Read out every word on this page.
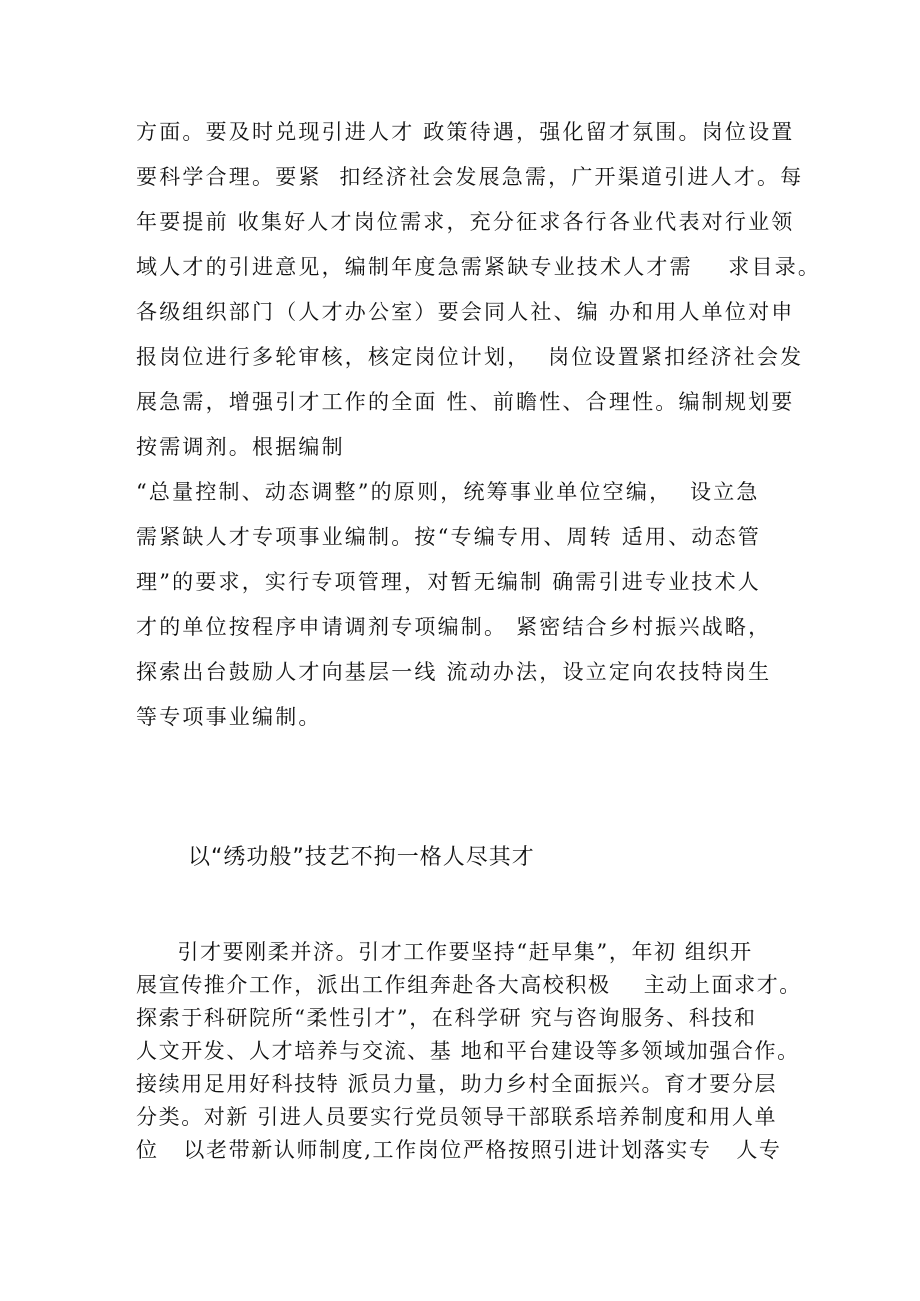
方面。要及时兑现引进人才 政策待遇，强化留才氛围。岗位设置
要科学合理。要紧  扣经济社会发展急需，广开渠道引进人才。每
年要提前 收集好人才岗位需求，充分征求各行各业代表对行业领
域人才的引进意见，编制年度急需紧缺专业技术人才需    求目录。
各级组织部门（人才办公室）要会同人社、编 办和用人单位对申
报岗位进行多轮审核，核定岗位计划，  岗位设置紧扣经济社会发
展急需，增强引才工作的全面 性、前瞻性、合理性。编制规划要
按需调剂。根据编制
“总量控制、动态调整”的原则，统筹事业单位空编，  设立急
需紧缺人才专项事业编制。按“专编专用、周转 适用、动态管
理”的要求，实行专项管理，对暂无编制 确需引进专业技术人
才的单位按程序申请调剂专项编制。 紧密结合乡村振兴战略，
探索出台鼓励人才向基层一线 流动办法，设立定向农技特岗生
等专项事业编制。
以“绣功般”技艺不拘一格人尽其才
引才要刚柔并济。引才工作要坚持“赶早集”，年初 组织开
展宣传推介工作，派出工作组奔赴各大高校积极    主动上面求才。
探索于科研院所“柔性引才”，在科学研 究与咨询服务、科技和
人文开发、人才培养与交流、基 地和平台建设等多领域加强合作。
接续用足用好科技特 派员力量，助力乡村全面振兴。育才要分层
分类。对新 引进人员要实行党员领导干部联系培养制度和用人单
位   以老带新认师制度,工作岗位严格按照引进计划落实专   人专
